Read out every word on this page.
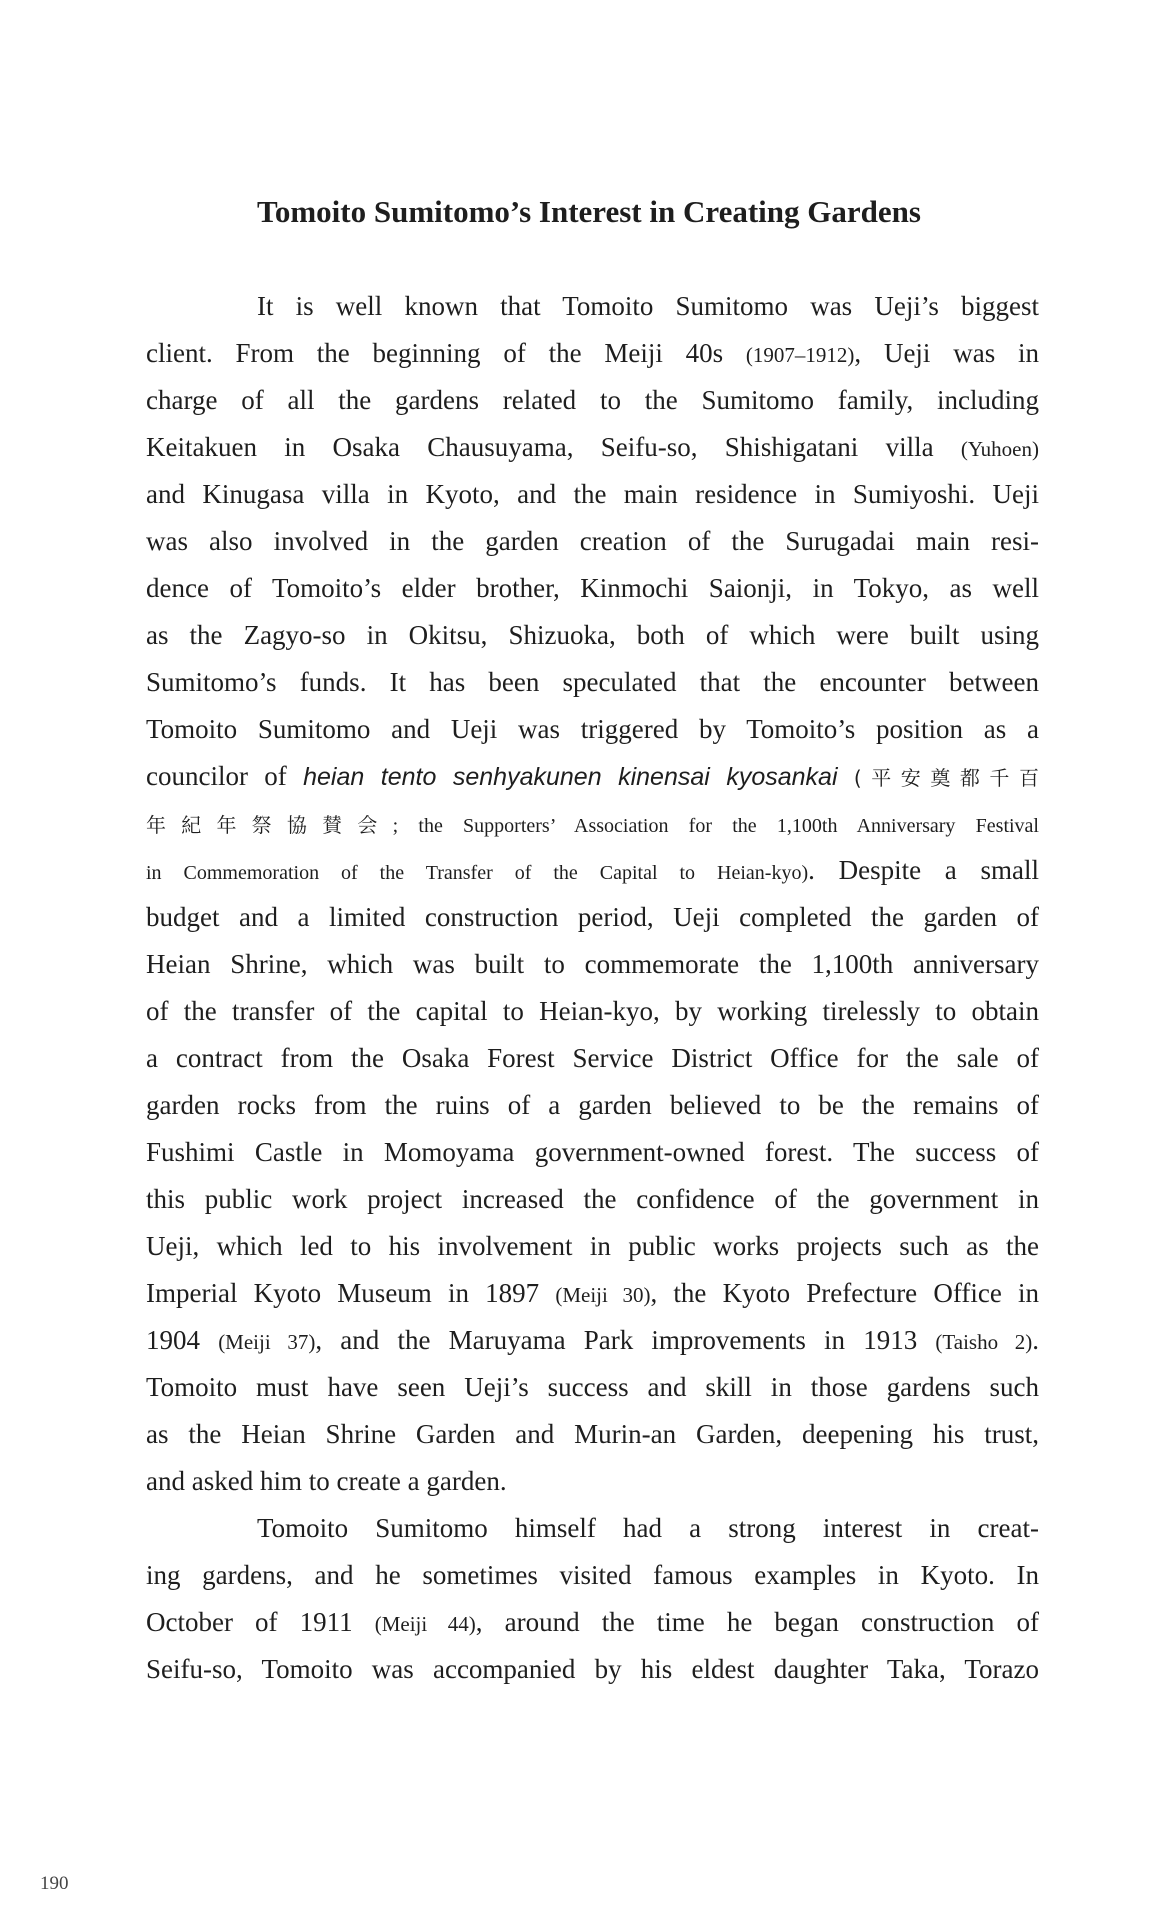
Tomoito Sumitomo’s Interest in Creating Gardens
It is well known that Tomoito Sumitomo was Ueji’s biggest
client. From the beginning of the Meiji 40s (1907–1912), Ueji was in
charge of all the gardens related to the Sumitomo family, including
Keitakuen in Osaka Chausuyama, Seifu-so, Shishigatani villa (Yuhoen)
and Kinugasa villa in Kyoto, and the main residence in Sumiyoshi. Ueji
was also involved in the garden creation of the Surugadai main resi-
dence of Tomoito’s elder brother, Kinmochi Saionji, in Tokyo, as well
as the Zagyo-so in Okitsu, Shizuoka, both of which were built using
Sumitomo’s funds. It has been speculated that the encounter between
Tomoito Sumitomo and Ueji was triggered by Tomoito’s position as a
councilor of heian tento senhyakunen kinensai kyosankai (平安奠都千百
年紀年祭協賛会; the Supporters’ Association for the 1,100th Anniversary Festival
in Commemoration of the Transfer of the Capital to Heian-kyo). Despite a small
budget and a limited construction period, Ueji completed the garden of
Heian Shrine, which was built to commemorate the 1,100th anniversary
of the transfer of the capital to Heian-kyo, by working tirelessly to obtain
a contract from the Osaka Forest Service District Office for the sale of
garden rocks from the ruins of a garden believed to be the remains of
Fushimi Castle in Momoyama government-owned forest. The success of
this public work project increased the confidence of the government in
Ueji, which led to his involvement in public works projects such as the
Imperial Kyoto Museum in 1897 (Meiji 30), the Kyoto Prefecture Office in
1904 (Meiji 37), and the Maruyama Park improvements in 1913 (Taisho 2).
Tomoito must have seen Ueji’s success and skill in those gardens such
as the Heian Shrine Garden and Murin-an Garden, deepening his trust,
and asked him to create a garden.
Tomoito Sumitomo himself had a strong interest in creat-
ing gardens, and he sometimes visited famous examples in Kyoto. In
October of 1911 (Meiji 44), around the time he began construction of
Seifu-so, Tomoito was accompanied by his eldest daughter Taka, Torazo
190
